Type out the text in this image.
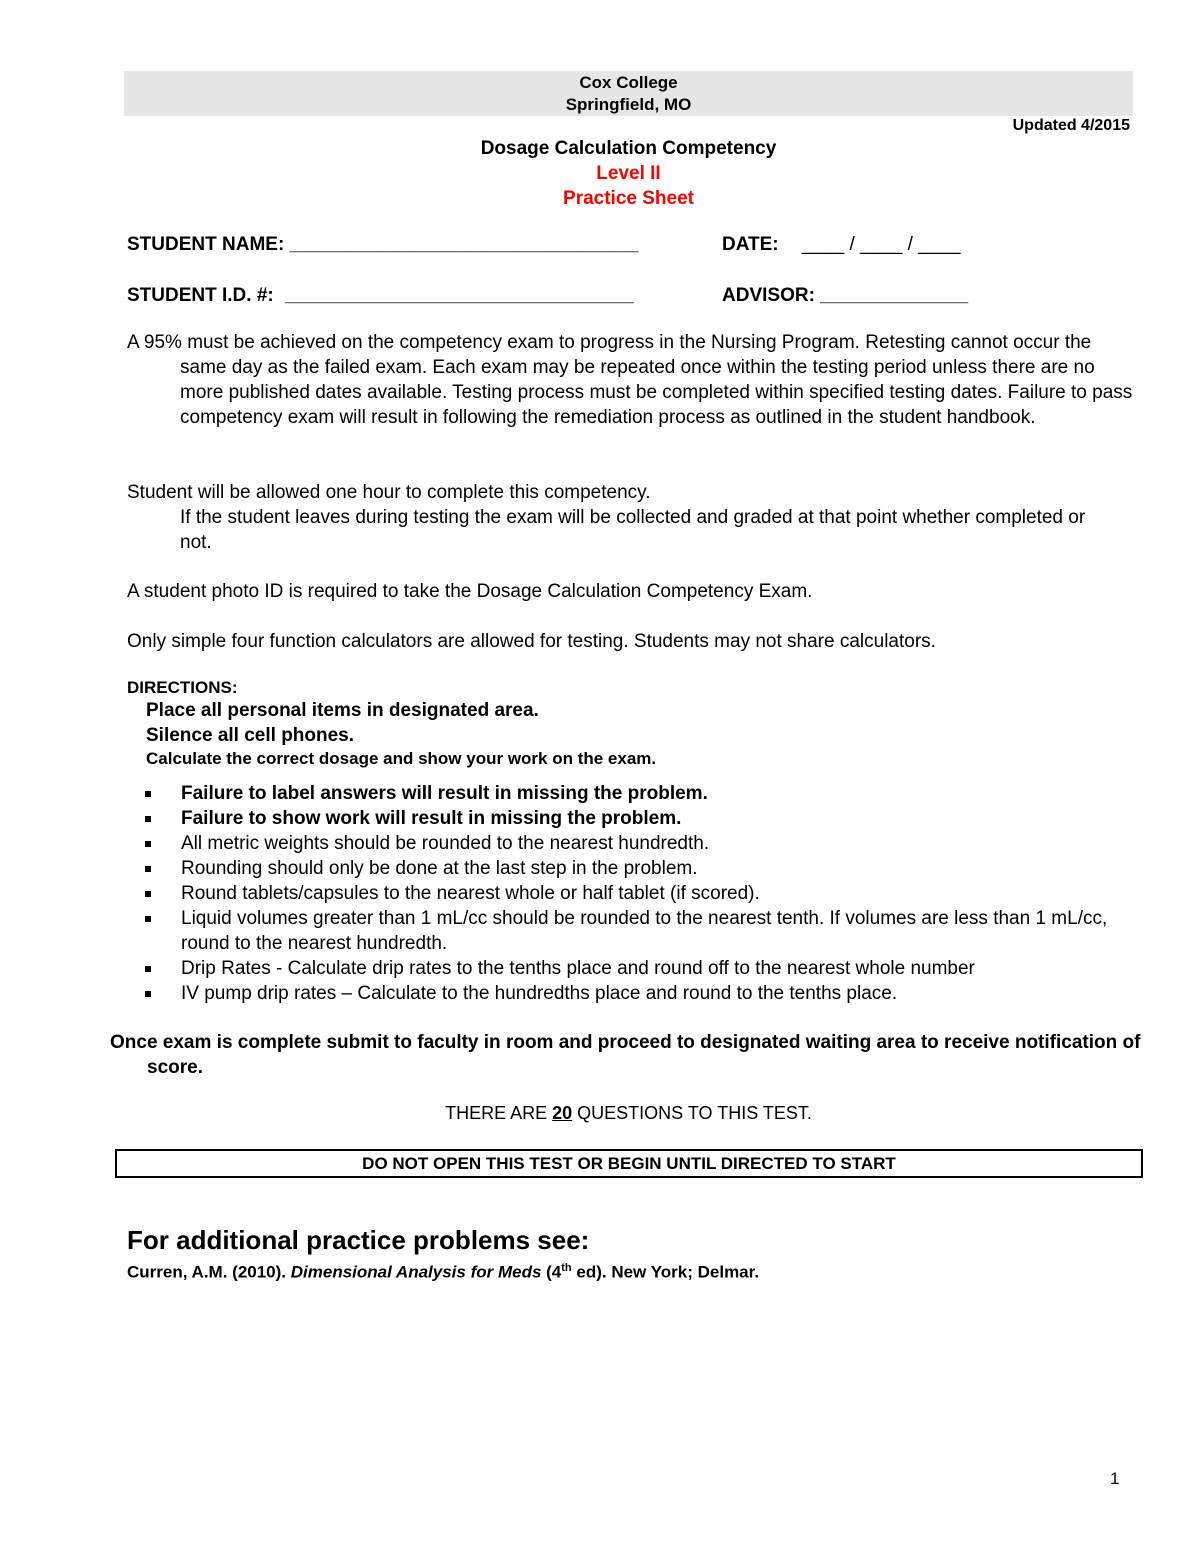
Cox College
Springfield, MO
Updated 4/2015
Dosage Calculation Competency
Level II
Practice Sheet
STUDENT NAME: _________________________________	DATE: ____ / ____ / ____
STUDENT I.D. #: _________________________________	ADVISOR: ______________
A 95% must be achieved on the competency exam to progress in the Nursing Program. Retesting cannot occur the same day as the failed exam. Each exam may be repeated once within the testing period unless there are no more published dates available. Testing process must be completed within specified testing dates. Failure to pass competency exam will result in following the remediation process as outlined in the student handbook.
Student will be allowed one hour to complete this competency.
If the student leaves during testing the exam will be collected and graded at that point whether completed or not.
A student photo ID is required to take the Dosage Calculation Competency Exam.
Only simple four function calculators are allowed for testing. Students may not share calculators.
DIRECTIONS:
Place all personal items in designated area.
Silence all cell phones.
Calculate the correct dosage and show your work on the exam.
Failure to label answers will result in missing the problem.
Failure to show work will result in missing the problem.
All metric weights should be rounded to the nearest hundredth.
Rounding should only be done at the last step in the problem.
Round tablets/capsules to the nearest whole or half tablet (if scored).
Liquid volumes greater than 1 mL/cc should be rounded to the nearest tenth. If volumes are less than 1 mL/cc, round to the nearest hundredth.
Drip Rates - Calculate drip rates to the tenths place and round off to the nearest whole number
IV pump drip rates – Calculate to the hundredths place and round to the tenths place.
Once exam is complete submit to faculty in room and proceed to designated waiting area to receive notification of score.
THERE ARE 20 QUESTIONS TO THIS TEST.
DO NOT OPEN THIS TEST OR BEGIN UNTIL DIRECTED TO START
For additional practice problems see:
Curren, A.M. (2010). Dimensional Analysis for Meds (4th ed). New York; Delmar.
1
